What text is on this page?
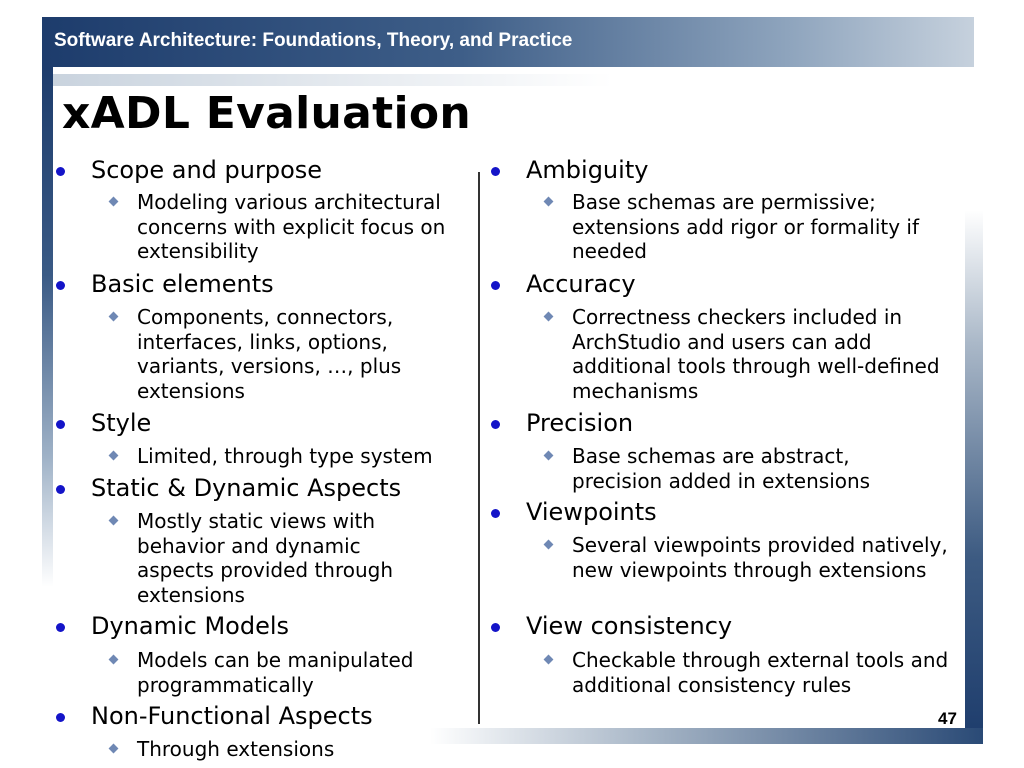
Software Architecture: Foundations, Theory, and Practice
xADL Evaluation
Scope and purpose
Modeling various architectural concerns with explicit focus on extensibility
Basic elements
Components, connectors, interfaces, links, options, variants, versions, …, plus extensions
Style
Limited, through type system
Static & Dynamic Aspects
Mostly static views with behavior and dynamic aspects provided through extensions
Dynamic Models
Models can be manipulated programmatically
Non-Functional Aspects
Through extensions
Ambiguity
Base schemas are permissive; extensions add rigor or formality if needed
Accuracy
Correctness checkers included in ArchStudio and users can add additional tools through well-defined mechanisms
Precision
Base schemas are abstract, precision added in extensions
Viewpoints
Several viewpoints provided natively, new viewpoints through extensions
View consistency
Checkable through external tools and additional consistency rules
47
